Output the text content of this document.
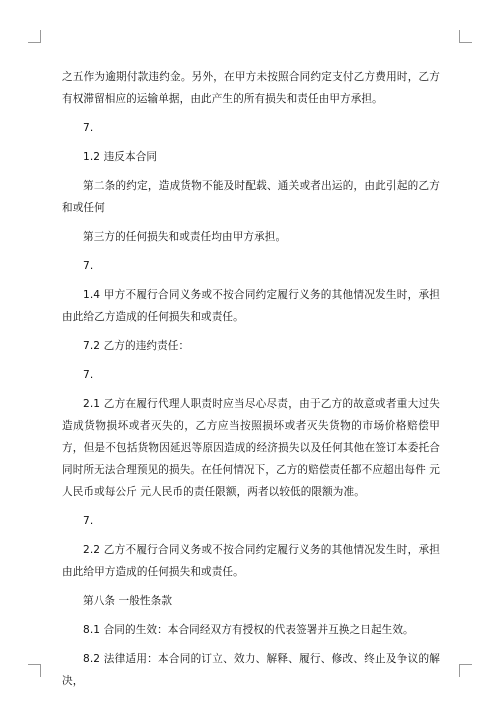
之五作为逾期付款违约金。另外，在甲方未按照合同约定支付乙方费用时，乙方有权滞留相应的运输单据，由此产生的所有损失和责任由甲方承担。

7.

1.2 违反本合同

第二条的约定，造成货物不能及时配载、通关或者出运的，由此引起的乙方和或任何

第三方的任何损失和或责任均由甲方承担。

7.

1.4 甲方不履行合同义务或不按合同约定履行义务的其他情况发生时，承担由此给乙方造成的任何损失和或责任。

7.2 乙方的违约责任：

7.

2.1 乙方在履行代理人职责时应当尽心尽责，由于乙方的故意或者重大过失造成货物损坏或者灭失的，乙方应当按照损坏或者灭失货物的市场价格赔偿甲方，但是不包括货物因延迟等原因造成的经济损失以及任何其他在签订本委托合同时所无法合理预见的损失。在任何情况下，乙方的赔偿责任都不应超出每件 元人民币或每公斤 元人民币的责任限额，两者以较低的限额为准。

7.

2.2 乙方不履行合同义务或不按合同约定履行义务的其他情况发生时，承担由此给甲方造成的任何损失和或责任。

第八条 一般性条款

8.1 合同的生效：本合同经双方有授权的代表签署并互换之日起生效。

8.2 法律适用：本合同的订立、效力、解释、履行、修改、终止及争议的解决，
